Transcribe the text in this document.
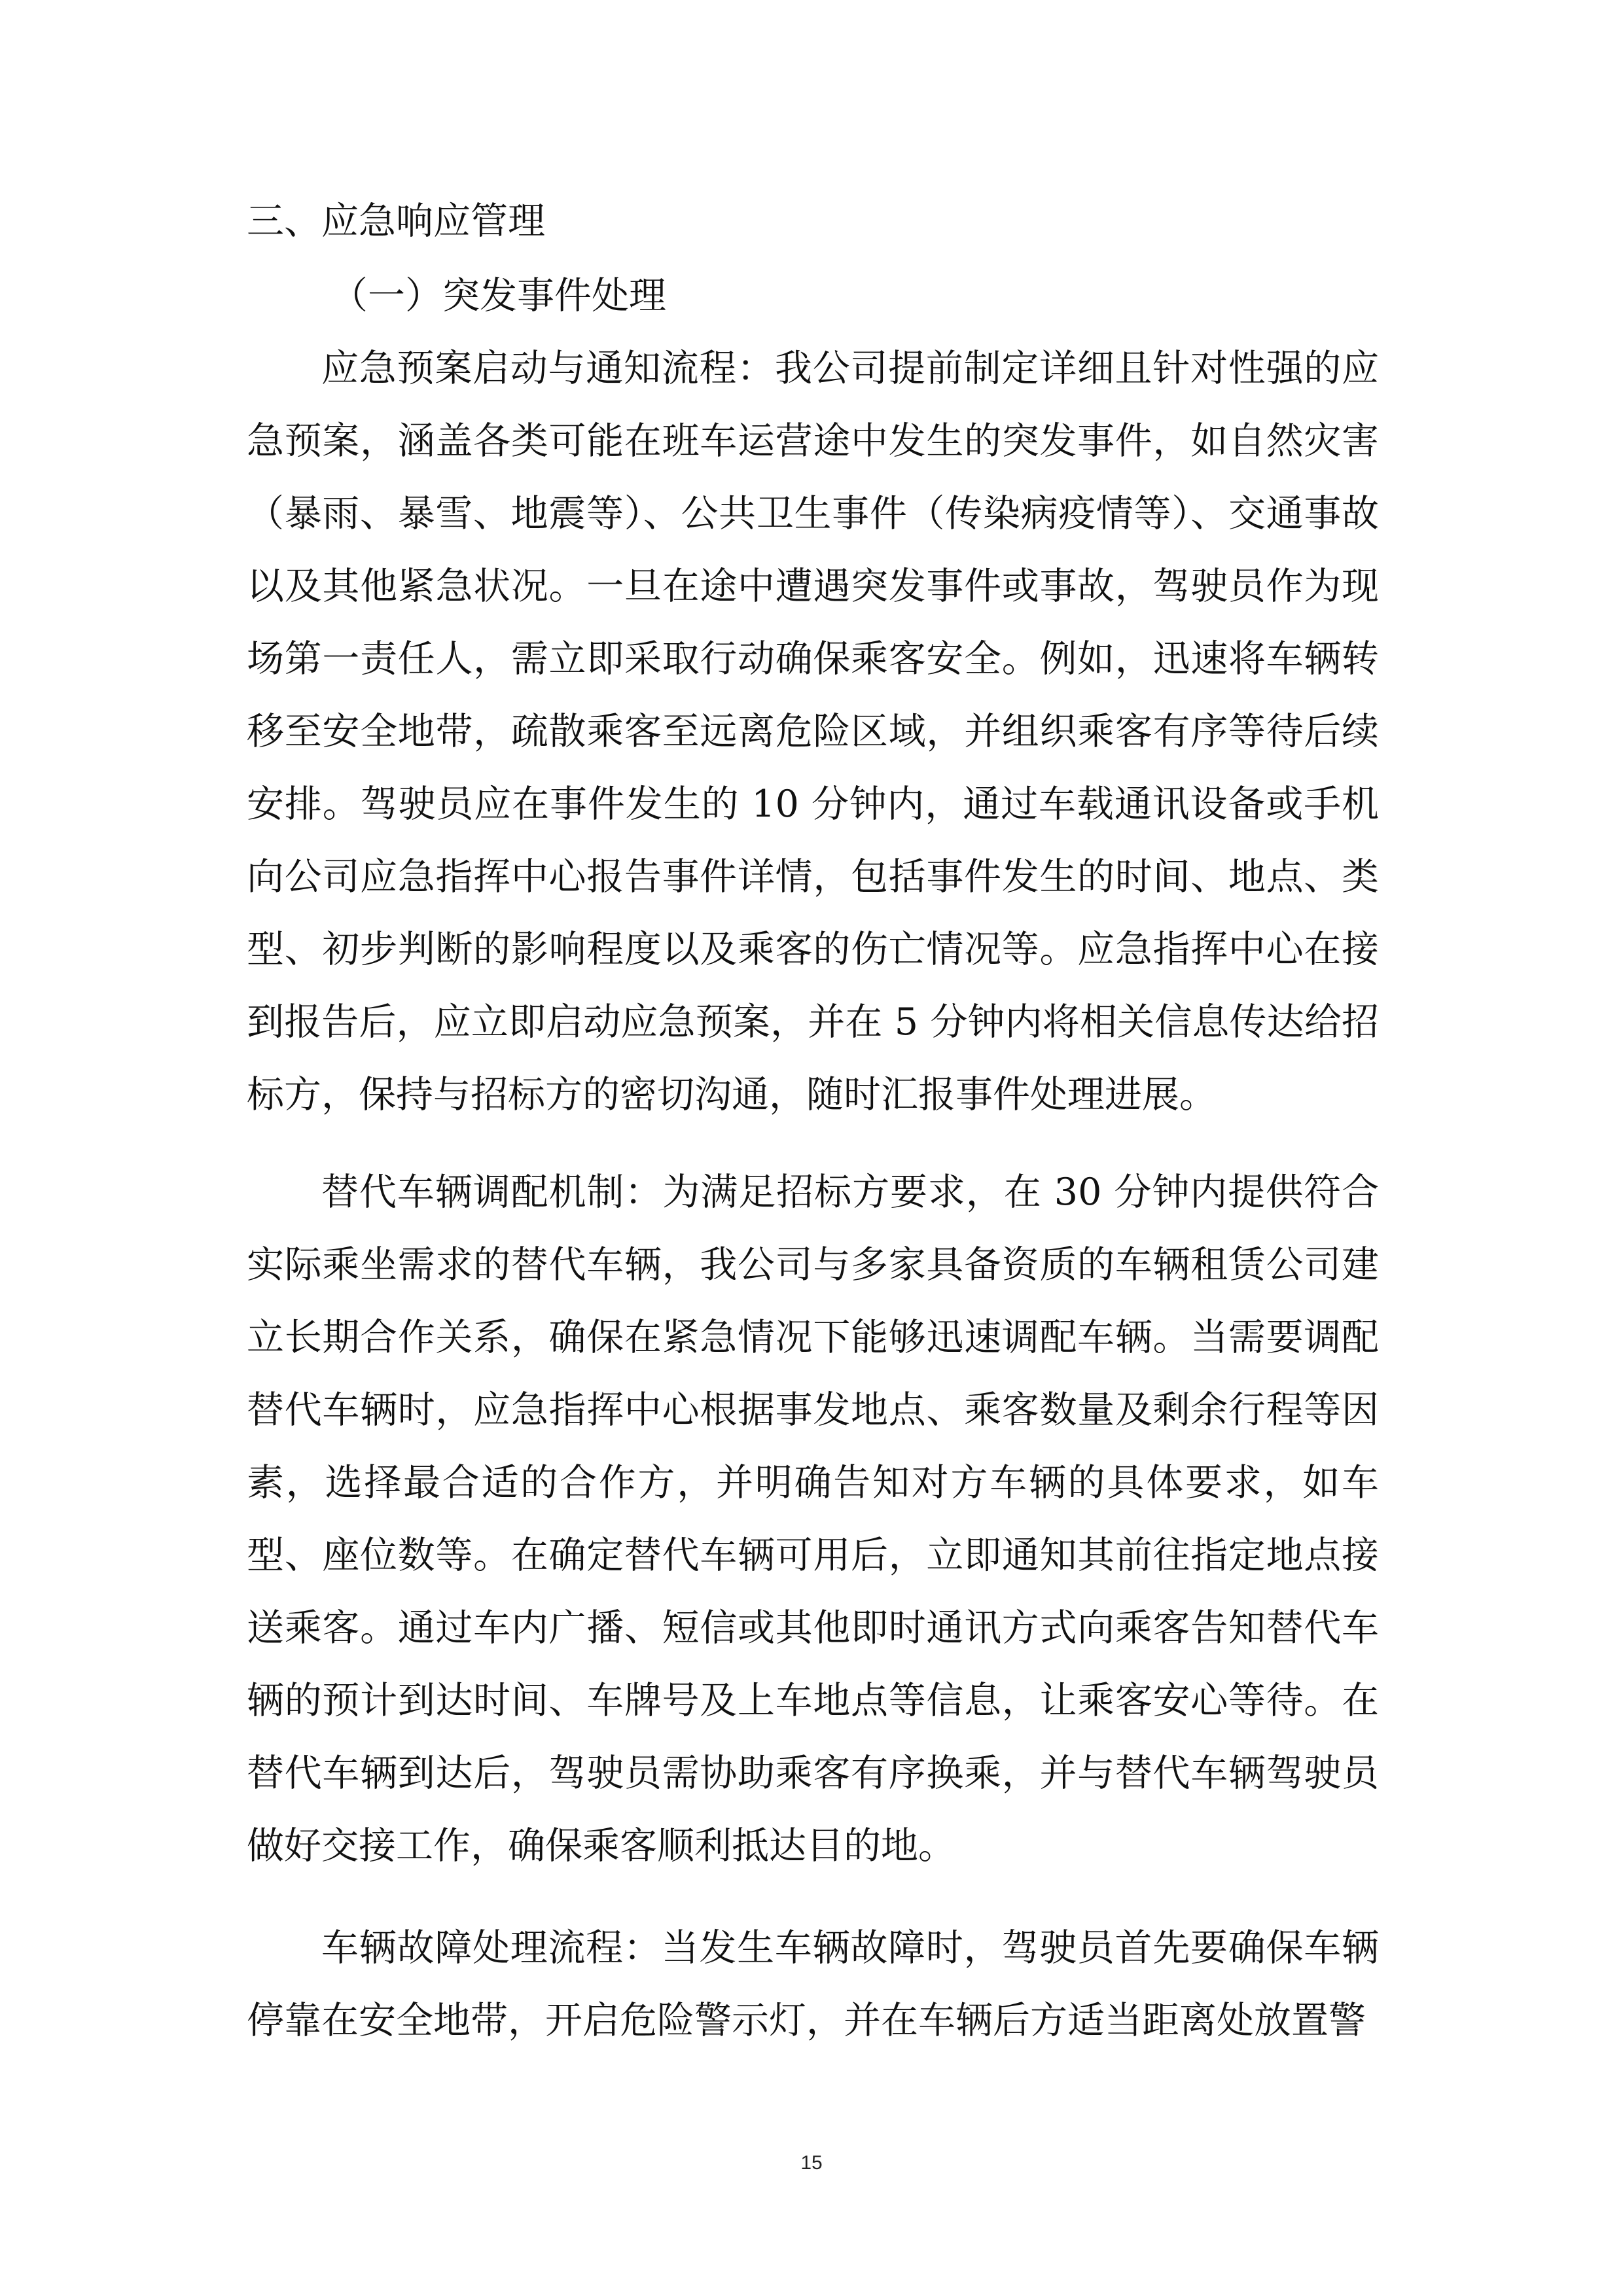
三、应急响应管理
（一）突发事件处理

应急预案启动与通知流程：我公司提前制定详细且针对性强的应急预案，涵盖各类可能在班车运营途中发生的突发事件，如自然灾害（暴雨、暴雪、地震等）、公共卫生事件（传染病疫情等）、交通事故以及其他紧急状况。一旦在途中遭遇突发事件或事故，驾驶员作为现场第一责任人，需立即采取行动确保乘客安全。例如，迅速将车辆转移至安全地带，疏散乘客至远离危险区域，并组织乘客有序等待后续安排。驾驶员应在事件发生的 10 分钟内，通过车载通讯设备或手机向公司应急指挥中心报告事件详情，包括事件发生的时间、地点、类型、初步判断的影响程度以及乘客的伤亡情况等。应急指挥中心在接到报告后，应立即启动应急预案，并在 5 分钟内将相关信息传达给招标方，保持与招标方的密切沟通，随时汇报事件处理进展。

替代车辆调配机制：为满足招标方要求，在 30 分钟内提供符合实际乘坐需求的替代车辆，我公司与多家具备资质的车辆租赁公司建立长期合作关系，确保在紧急情况下能够迅速调配车辆。当需要调配替代车辆时，应急指挥中心根据事发地点、乘客数量及剩余行程等因素，选择最合适的合作方，并明确告知对方车辆的具体要求，如车型、座位数等。在确定替代车辆可用后，立即通知其前往指定地点接送乘客。通过车内广播、短信或其他即时通讯方式向乘客告知替代车辆的预计到达时间、车牌号及上车地点等信息，让乘客安心等待。在替代车辆到达后，驾驶员需协助乘客有序换乘，并与替代车辆驾驶员做好交接工作，确保乘客顺利抵达目的地。

车辆故障处理流程：当发生车辆故障时，驾驶员首先要确保车辆停靠在安全地带，开启危险警示灯，并在车辆后方适当距离处放置警

15
